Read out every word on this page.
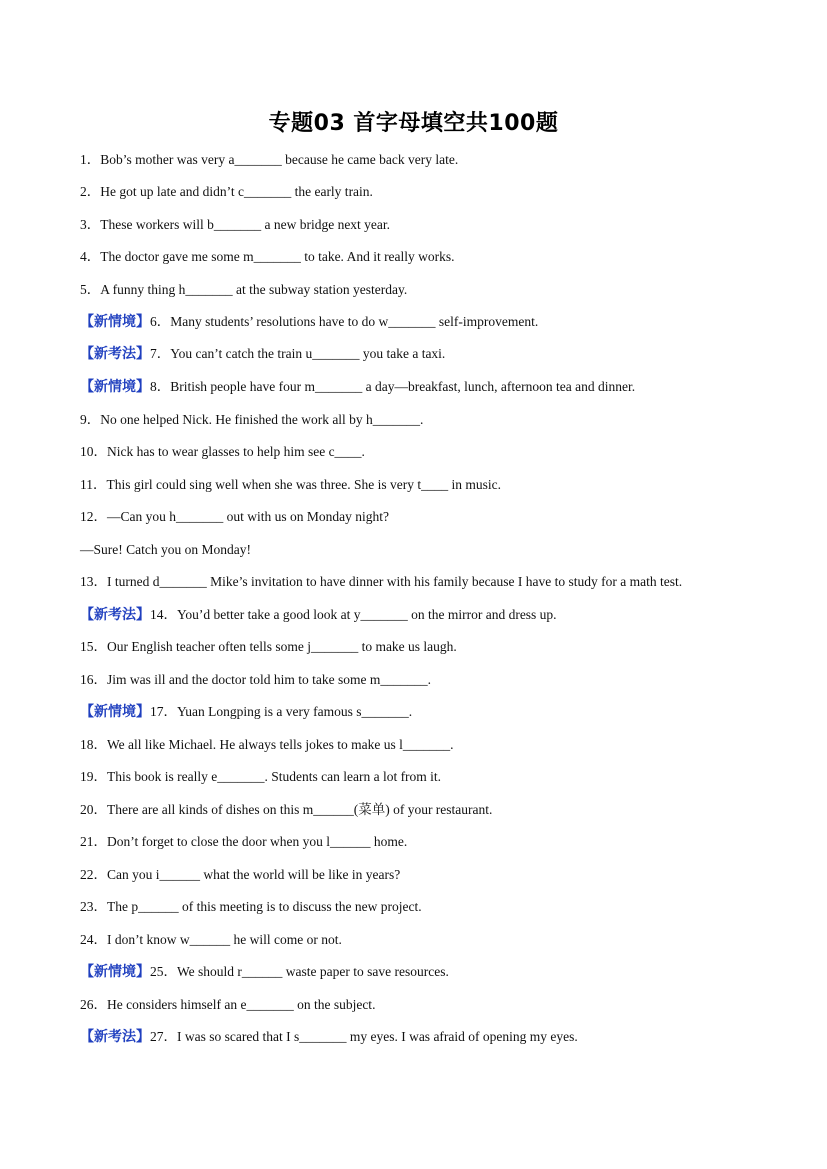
专题03 首字母填空共100题
1．Bob’s mother was very a_______ because he came back very late.
2．He got up late and didn’t c_______ the early train.
3．These workers will b_______ a new bridge next year.
4．The doctor gave me some m_______ to take. And it really works.
5．A funny thing h_______ at the subway station yesterday.
【新情境】6．Many students’ resolutions have to do w_______ self-improvement.
【新考法】7．You can’t catch the train u_______ you take a taxi.
【新情境】8．British people have four m_______ a day—breakfast, lunch, afternoon tea and dinner.
9．No one helped Nick. He finished the work all by h_______.
10．Nick has to wear glasses to help him see c____.
11．This girl could sing well when she was three. She is very t____ in music.
12．—Can you h_______ out with us on Monday night?
—Sure! Catch you on Monday!
13．I turned d_______ Mike’s invitation to have dinner with his family because I have to study for a math test.
【新考法】14．You’d better take a good look at y_______ on the mirror and dress up.
15．Our English teacher often tells some j_______ to make us laugh.
16．Jim was ill and the doctor told him to take some m_______.
【新情境】17．Yuan Longping is a very famous s_______.
18．We all like Michael. He always tells jokes to make us l_______.
19．This book is really e_______. Students can learn a lot from it.
20．There are all kinds of dishes on this m______(菜单) of your restaurant.
21．Don’t forget to close the door when you l______ home.
22．Can you i______ what the world will be like in years?
23．The p______ of this meeting is to discuss the new project.
24．I don’t know w______ he will come or not.
【新情境】25．We should r______ waste paper to save resources.
26．He considers himself an e_______ on the subject.
【新考法】27．I was so scared that I s_______ my eyes. I was afraid of opening my eyes.
